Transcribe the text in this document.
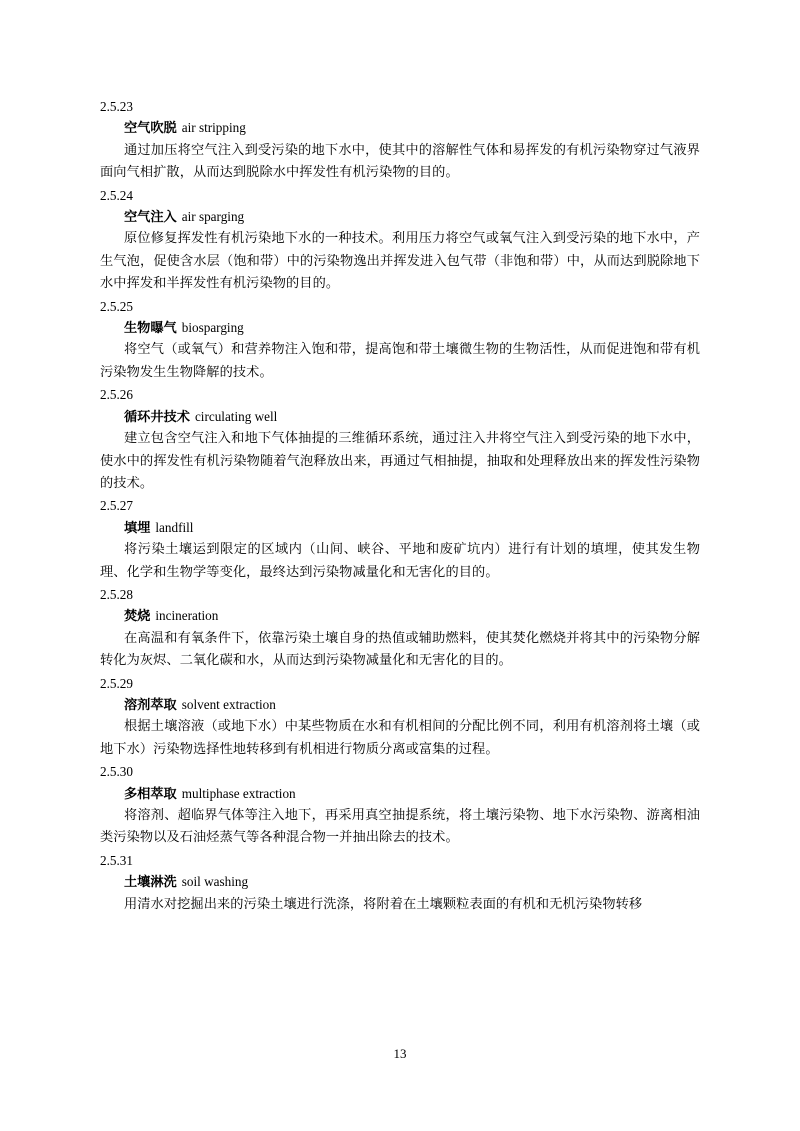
2.5.23

空气吹脱 air stripping

通过加压将空气注入到受污染的地下水中，使其中的溶解性气体和易挥发的有机污染物穿过气液界面向气相扩散，从而达到脱除水中挥发性有机污染物的目的。

2.5.24

空气注入 air sparging

原位修复挥发性有机污染地下水的一种技术。利用压力将空气或氧气注入到受污染的地下水中，产生气泡，促使含水层（饱和带）中的污染物逸出并挥发进入包气带（非饱和带）中，从而达到脱除地下水中挥发和半挥发性有机污染物的目的。

2.5.25

生物曝气 biosparging

将空气（或氧气）和营养物注入饱和带，提高饱和带土壤微生物的生物活性，从而促进饱和带有机污染物发生生物降解的技术。

2.5.26

循环井技术 circulating well

建立包含空气注入和地下气体抽提的三维循环系统，通过注入井将空气注入到受污染的地下水中，使水中的挥发性有机污染物随着气泡释放出来，再通过气相抽提，抽取和处理释放出来的挥发性污染物的技术。

2.5.27

填埋 landfill

将污染土壤运到限定的区域内（山间、峡谷、平地和废矿坑内）进行有计划的填埋，使其发生物理、化学和生物学等变化，最终达到污染物减量化和无害化的目的。

2.5.28

焚烧 incineration

在高温和有氧条件下，依靠污染土壤自身的热值或辅助燃料，使其焚化燃烧并将其中的污染物分解转化为灰烬、二氧化碳和水，从而达到污染物减量化和无害化的目的。

2.5.29

溶剂萃取 solvent extraction

根据土壤溶液（或地下水）中某些物质在水和有机相间的分配比例不同，利用有机溶剂将土壤（或地下水）污染物选择性地转移到有机相进行物质分离或富集的过程。

2.5.30

多相萃取 multiphase extraction

将溶剂、超临界气体等注入地下，再采用真空抽提系统，将土壤污染物、地下水污染物、游离相油类污染物以及石油烃蒸气等各种混合物一并抽出除去的技术。

2.5.31

土壤淋洗 soil washing

用清水对挖掘出来的污染土壤进行洗涤，将附着在土壤颗粒表面的有机和无机污染物转移

13
